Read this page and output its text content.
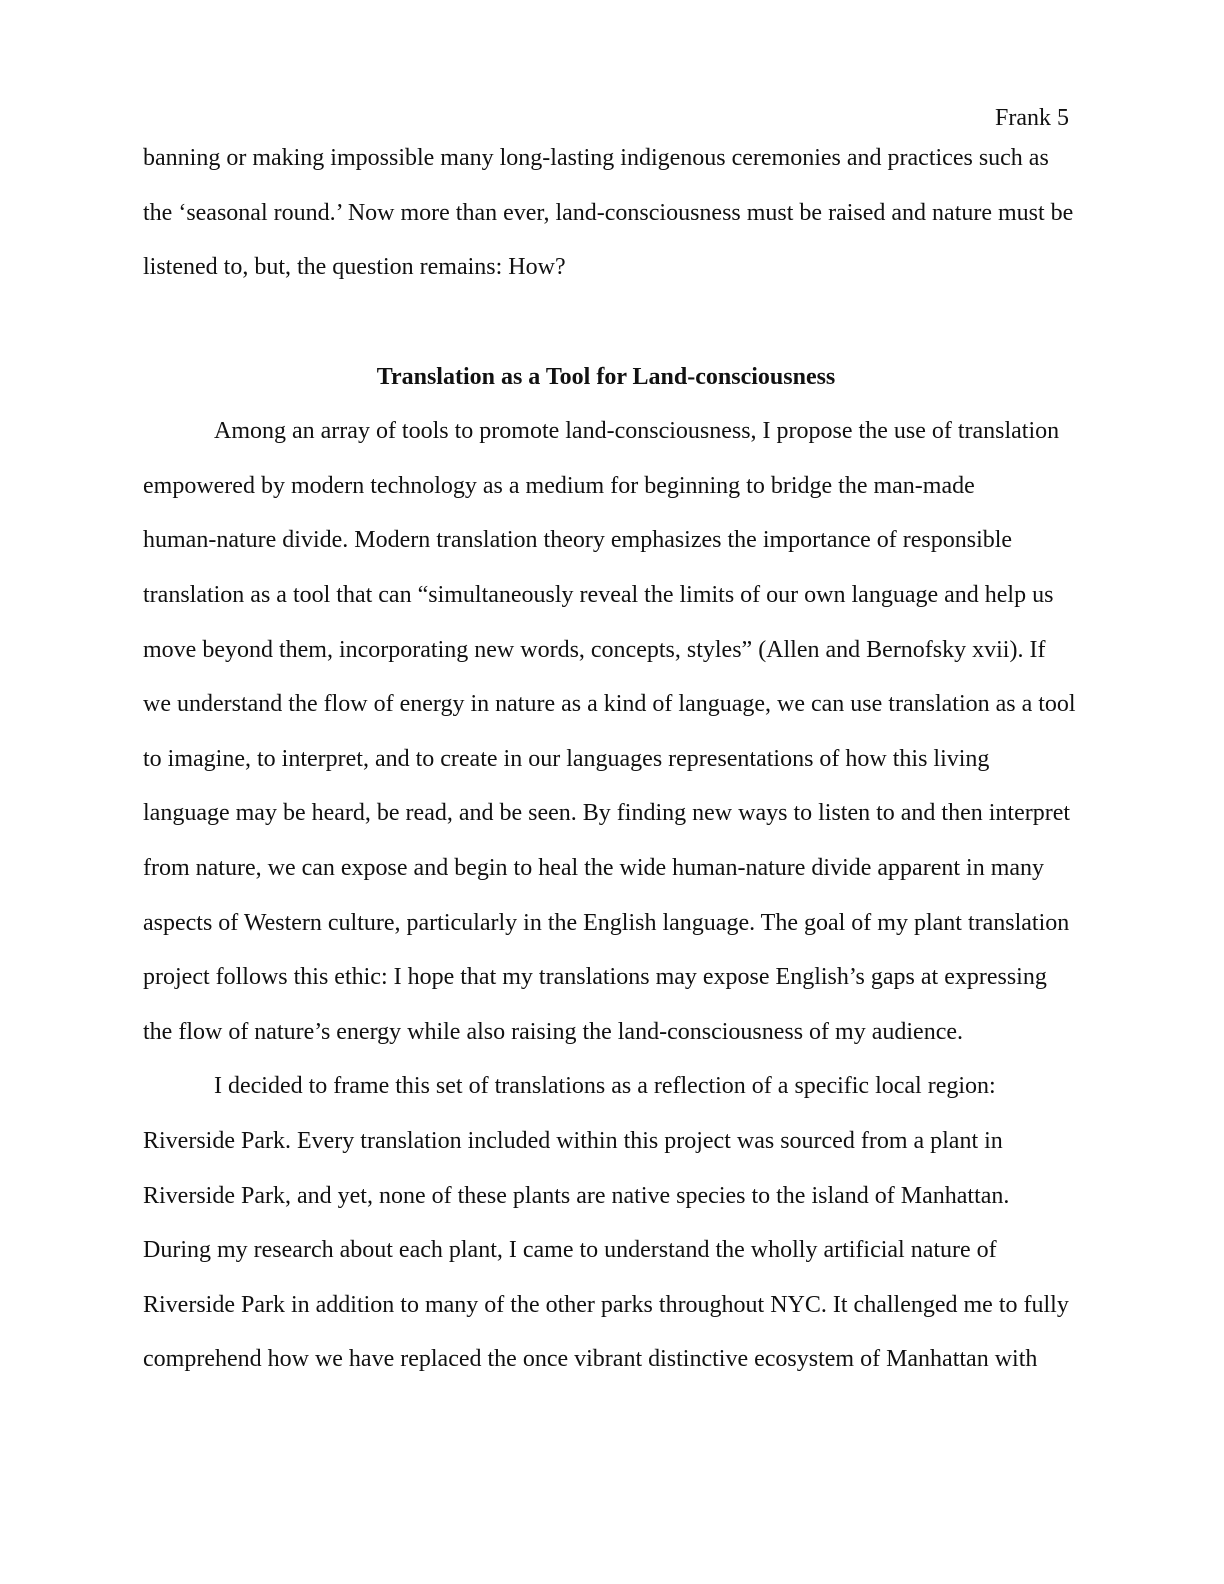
Frank 5
banning or making impossible many long-lasting indigenous ceremonies and practices such as
the ‘seasonal round.’ Now more than ever, land-consciousness must be raised and nature must be
listened to, but, the question remains: How?
Translation as a Tool for Land-consciousness
Among an array of tools to promote land-consciousness, I propose the use of translation
empowered by modern technology as a medium for beginning to bridge the man-made
human-nature divide. Modern translation theory emphasizes the importance of responsible
translation as a tool that can “simultaneously reveal the limits of our own language and help us
move beyond them, incorporating new words, concepts, styles” (Allen and Bernofsky xvii). If
we understand the flow of energy in nature as a kind of language, we can use translation as a tool
to imagine, to interpret, and to create in our languages representations of how this living
language may be heard, be read, and be seen. By finding new ways to listen to and then interpret
from nature, we can expose and begin to heal the wide human-nature divide apparent in many
aspects of Western culture, particularly in the English language. The goal of my plant translation
project follows this ethic: I hope that my translations may expose English’s gaps at expressing
the flow of nature’s energy while also raising the land-consciousness of my audience.
I decided to frame this set of translations as a reflection of a specific local region:
Riverside Park. Every translation included within this project was sourced from a plant in
Riverside Park, and yet, none of these plants are native species to the island of Manhattan.
During my research about each plant, I came to understand the wholly artificial nature of
Riverside Park in addition to many of the other parks throughout NYC. It challenged me to fully
comprehend how we have replaced the once vibrant distinctive ecosystem of Manhattan with
